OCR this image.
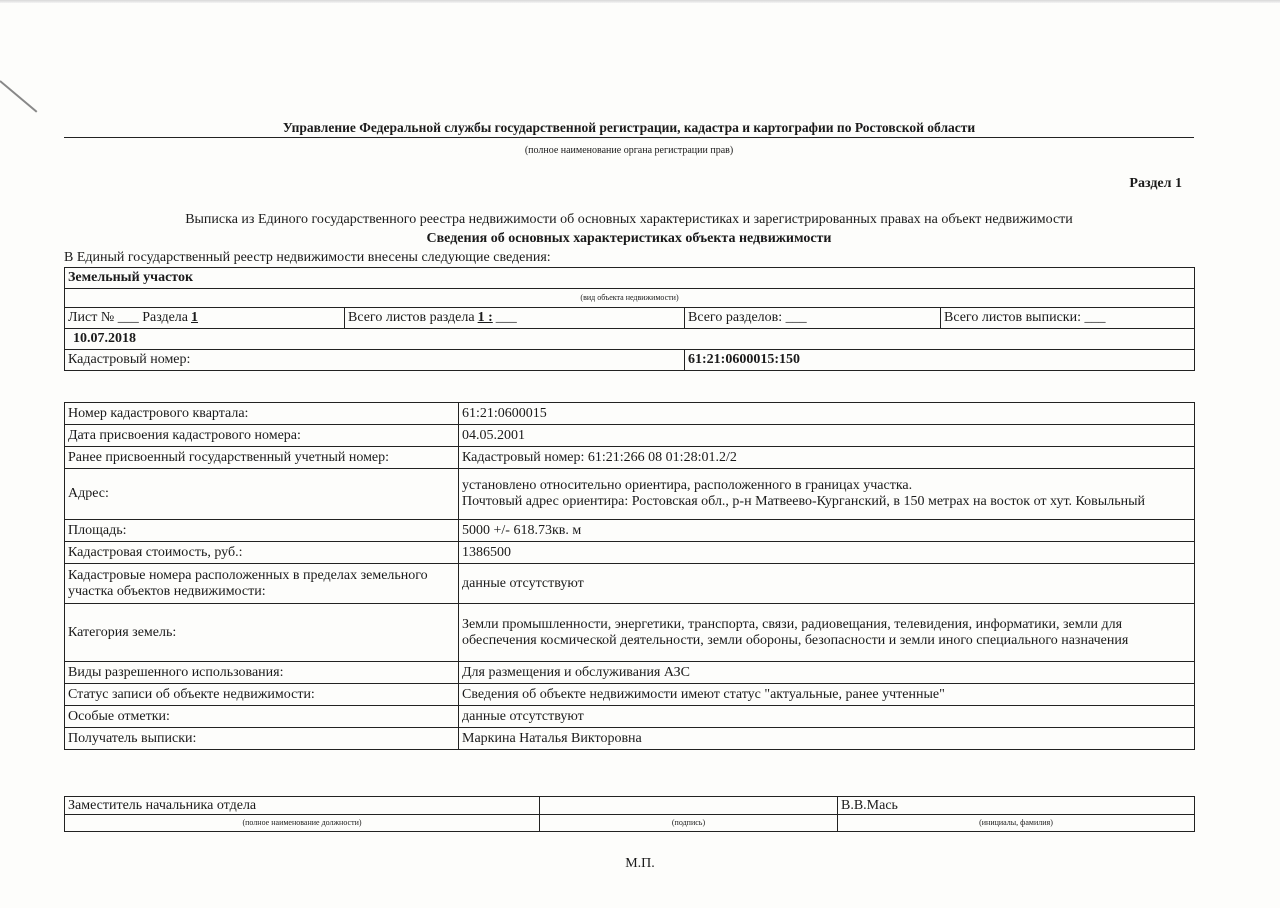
Управление Федеральной службы государственной регистрации, кадастра и картографии по Ростовской области
(полное наименование органа регистрации прав)
Раздел 1
Выписка из Единого государственного реестра недвижимости об основных характеристиках и зарегистрированных правах на объект недвижимости
Сведения об основных характеристиках объекта недвижимости
В Единый государственный реестр недвижимости внесены следующие сведения:
Земельный участок			
(вид объекта недвижимости)			
Лист № ___ Раздела 1	Всего листов раздела 1 : ___	Всего разделов: ___	Всего листов выписки: ___
10.07.2018			
Кадастровый номер:		61:21:0600015:150	
Номер кадастрового квартала:	61:21:0600015
Дата присвоения кадастрового номера:	04.05.2001
Ранее присвоенный государственный учетный номер:	Кадастровый номер: 61:21:266 08 01:28:01.2/2
Адрес:	установлено относительно ориентира, расположенного в границах участка.
Почтовый адрес ориентира: Ростовская обл., р-н Матвеево-Курганский, в 150 метрах на восток от хут. Ковыльный
Площадь:	5000 +/- 618.73кв. м
Кадастровая стоимость, руб.:	1386500
Кадастровые номера расположенных в пределах земельного участка объектов недвижимости:	данные отсутствуют
Категория земель:	Земли промышленности, энергетики, транспорта, связи, радиовещания, телевидения, информатики, земли для обеспечения космической деятельности, земли обороны, безопасности и земли иного специального назначения
Виды разрешенного использования:	Для размещения и обслуживания АЗС
Статус записи об объекте недвижимости:	Сведения об объекте недвижимости имеют статус "актуальные, ранее учтенные"
Особые отметки:	данные отсутствуют
Получатель выписки:	Маркина Наталья Викторовна
Заместитель начальника отдела		В.В.Мась
(полное наименование должности)	(подпись)	(инициалы, фамилия)
М.П.
